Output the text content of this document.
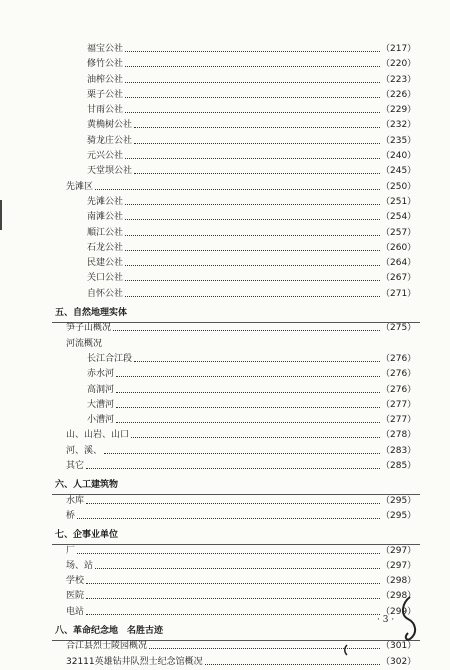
福宝公社	（217）
修竹公社	（220）
油榨公社	（223）
栗子公社	（226）
甘雨公社	（229）
黄桷树公社	（232）
骑龙庄公社	（235）
元兴公社	（240）
天堂坝公社	（245）
先滩区	（250）
先滩公社	（251）
南滩公社	（254）
順江公社	（257）
石龙公社	（260）
民建公社	（264）
关口公社	（267）
自怀公社	（271）
五、自然地理实体
笋子山概况	（275）
河流概况
长江合江段	（276）
赤水河	（276）
高洞河	（276）
大漕河	（277）
小漕河	（277）
山、山岩、山口	（278）
河、溪、	（283）
其它	（285）
六、人工建筑物
水库	（295）
桥	（295）
七、企事业单位
厂	（297）
场、站	（297）
学校	（298）
医院	（298）
电站	（299）
八、革命纪念地　名胜古迹
合江县烈士陵园概况	（301）
32111英雄钻井队烈士纪念馆概况	（302）
· 3 ·
